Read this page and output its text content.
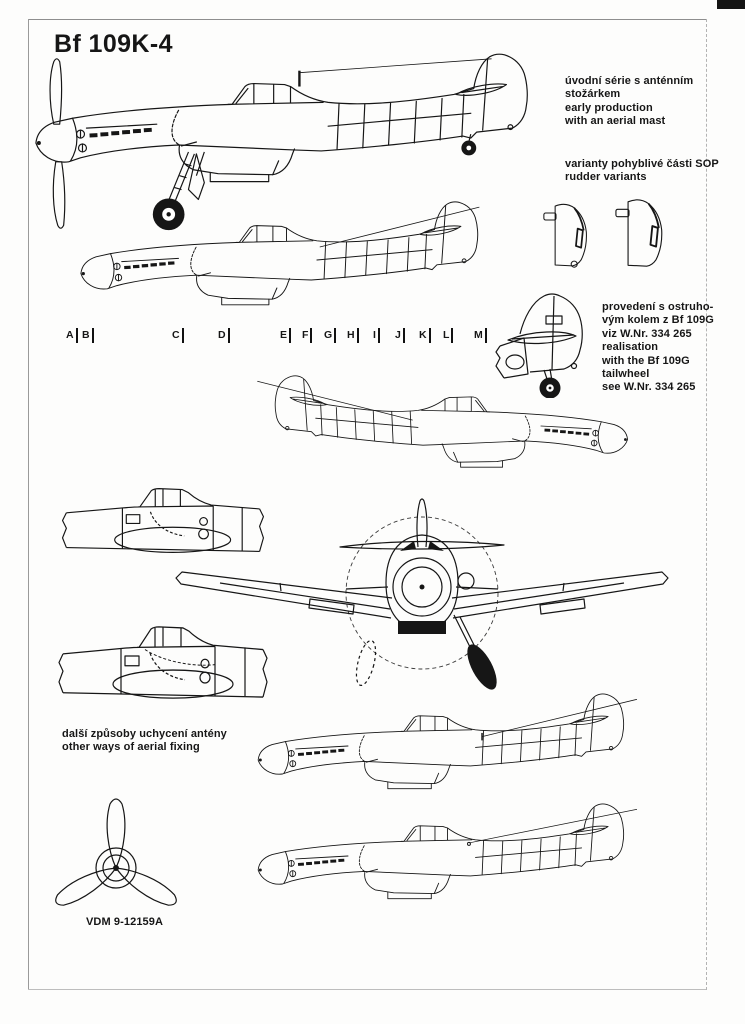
Bf 109K-4
úvodní série s anténním
stožárkem
early production
with an aerial mast
varianty pohyblivé části SOP
rudder variants
provedení s ostruho-
vým kolem z Bf 109G
viz W.Nr. 334 265
realisation
with the Bf 109G
tailwheel
see W.Nr. 334 265
další způsoby uchycení antény
other ways of aerial fixing
VDM 9-12159A
A B	C	D	E F G H I J K L M
